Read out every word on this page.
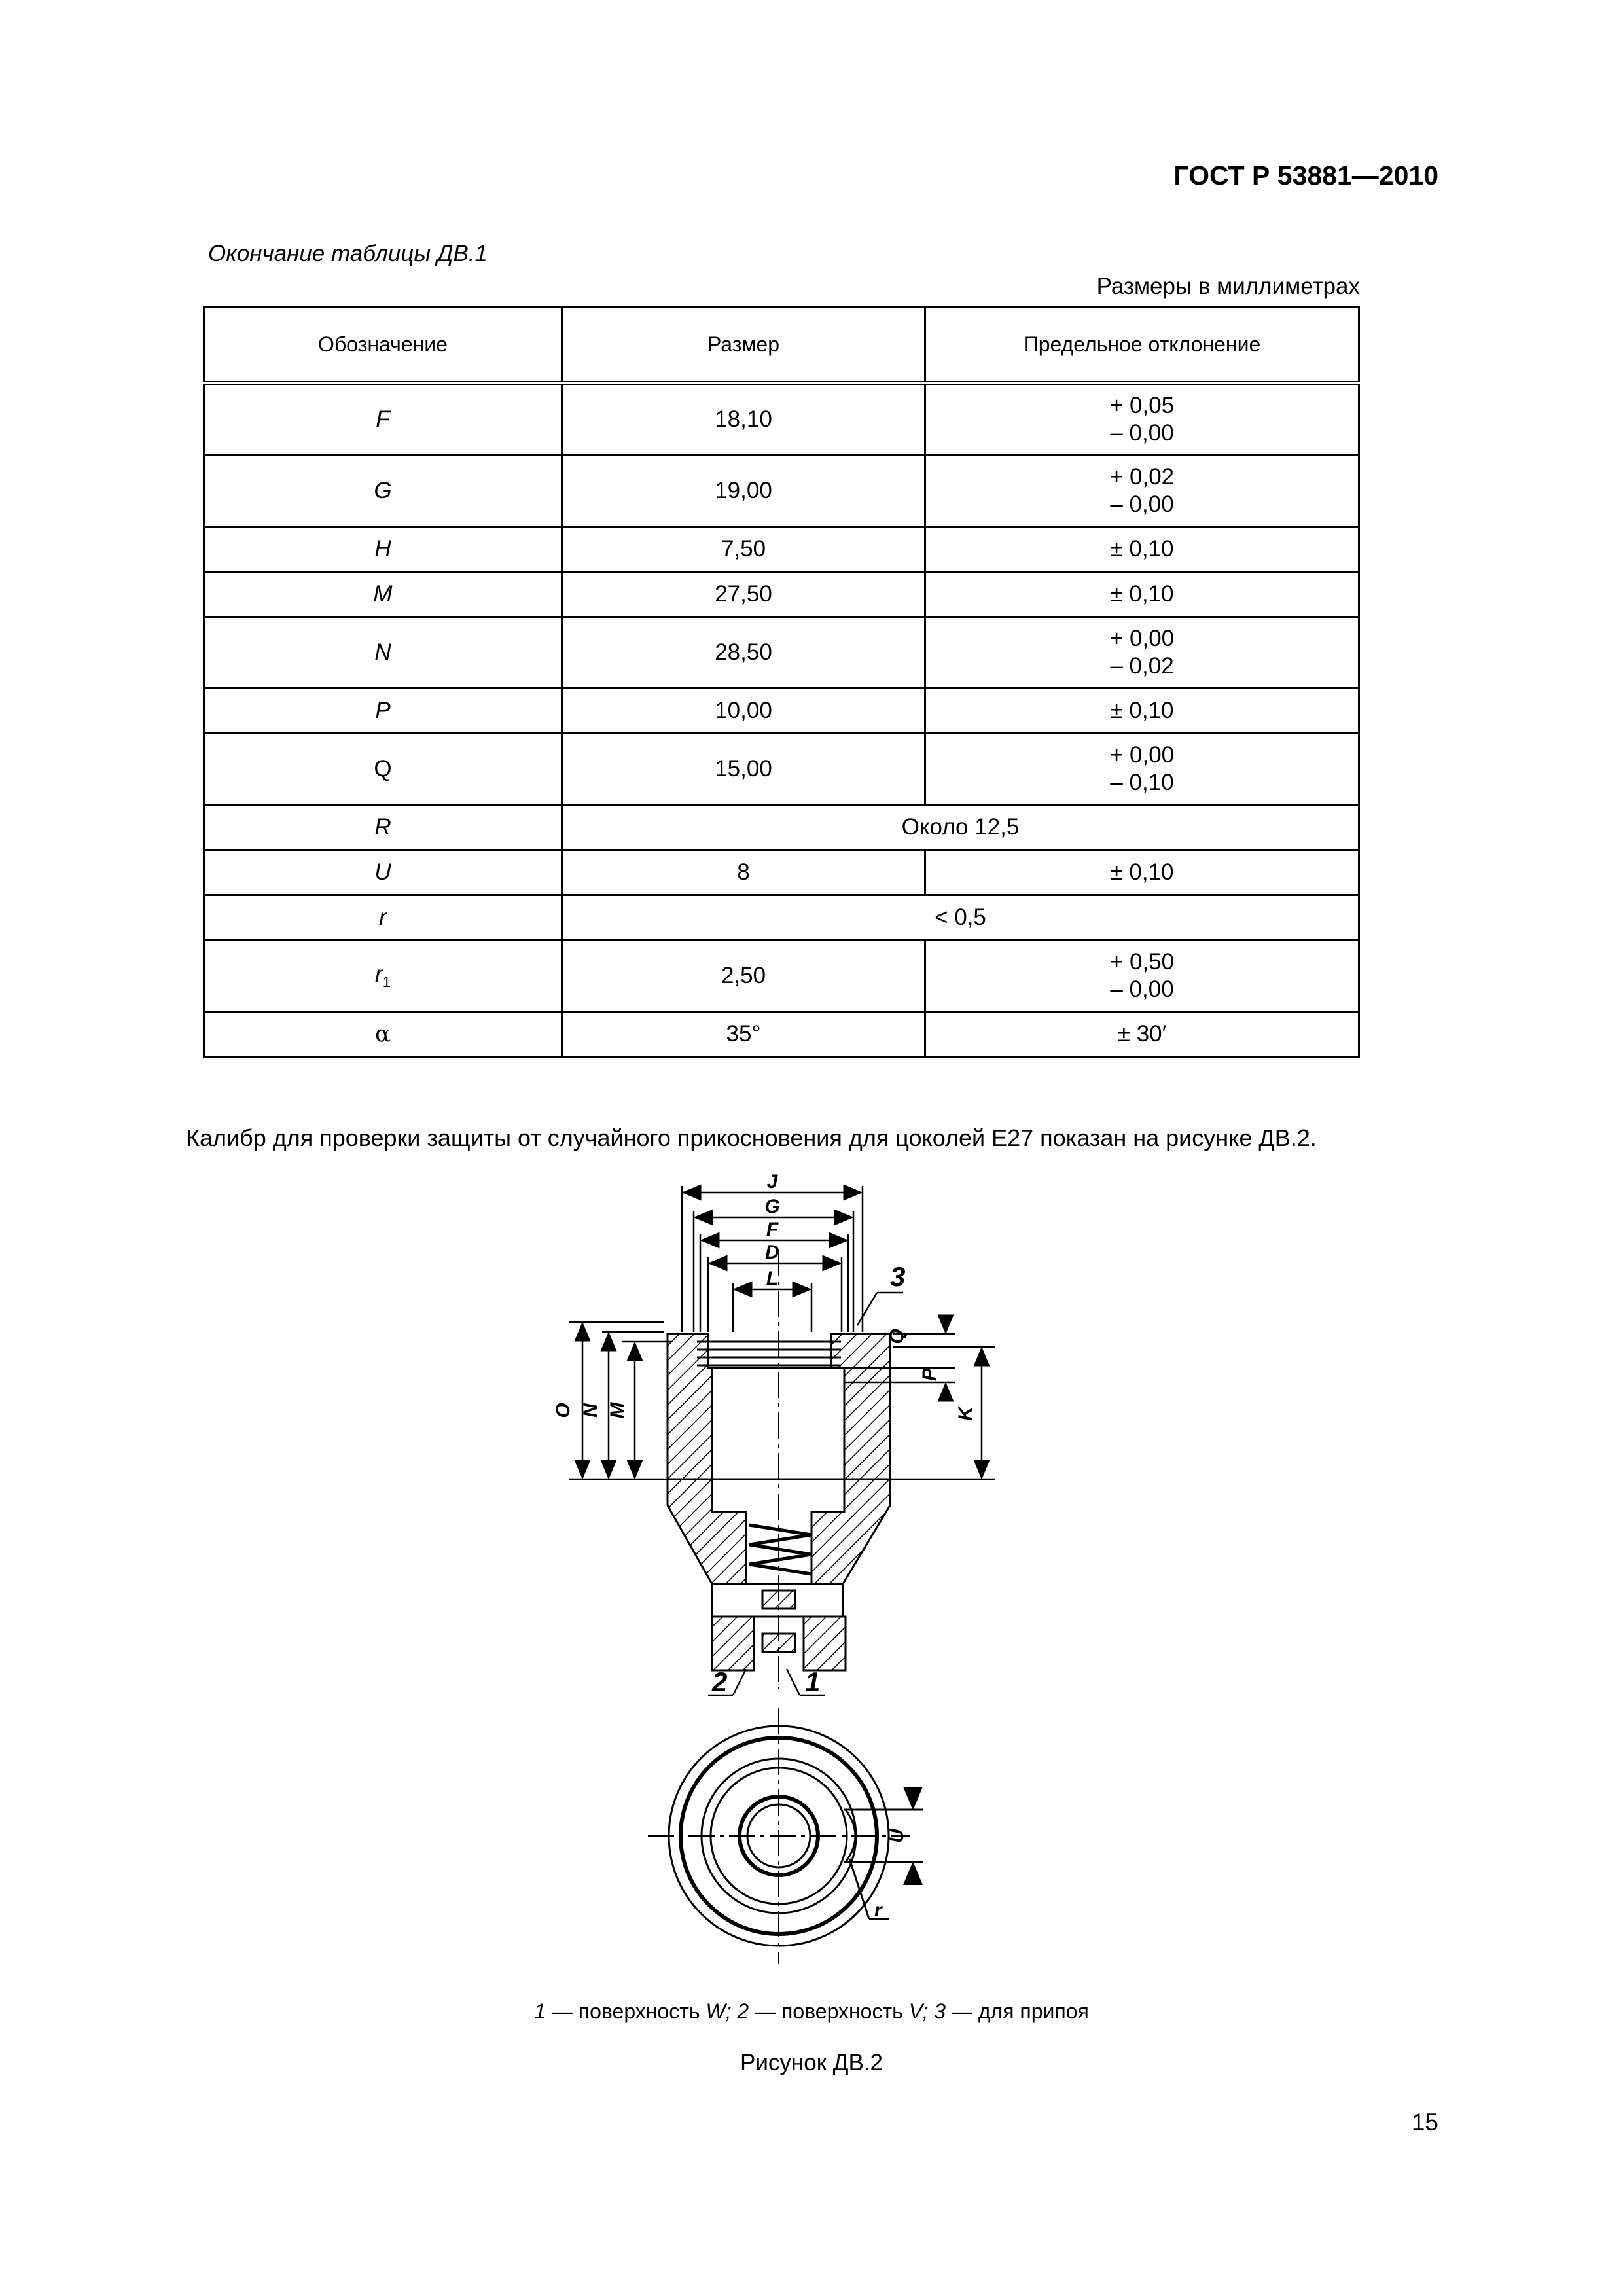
ГОСТ Р 53881—2010
Окончание таблицы ДВ.1
Размеры в миллиметрах
Обозначение	Размер	Предельное отклонение
F	18,10	+ 0,05
– 0,00

G	19,00	+ 0,02
– 0,00

H	7,50	± 0,10
M	27,50	± 0,10
N	28,50	+ 0,00
– 0,02

P	10,00	± 0,10
Q	15,00	+ 0,00
– 0,10

R	Около 12,5	
U	8	± 0,10
r	< 0,5	
$r_1$	2,50	+ 0,50
– 0,00

α	35°	± 30′
Калибр для проверки защиты от случайного прикосновения для цоколей Е27 показан на рисунке ДВ.2.
J
G
F
D
L
O N M
Q
P
K
U
r
3
2	1
1 — поверхность W; 2 — поверхность V; 3 — для припоя
Рисунок ДВ.2
15
